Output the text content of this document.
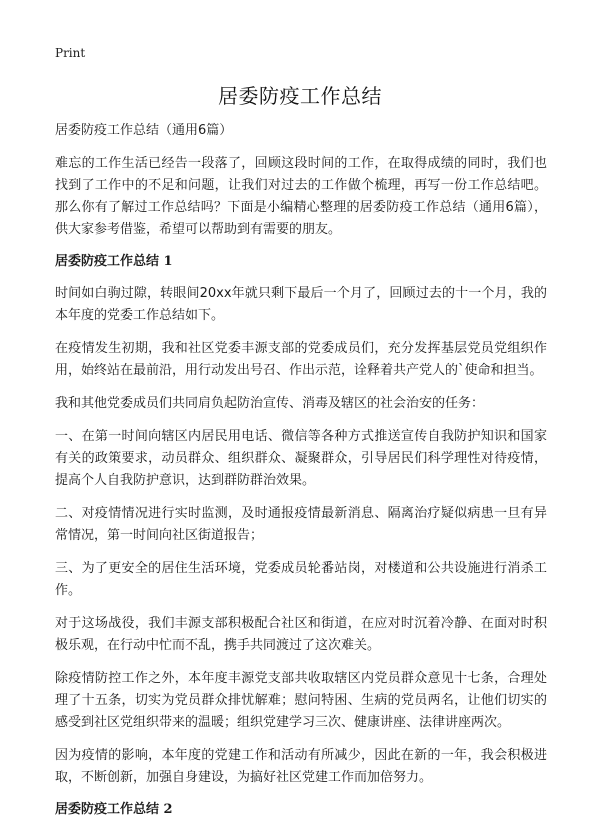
Print
居委防疫工作总结
居委防疫工作总结（通用6篇）

难忘的工作生活已经告一段落了，回顾这段时间的工作，在取得成绩的同时，我们也找到了工作中的不足和问题，让我们对过去的工作做个梳理，再写一份工作总结吧。那么你有了解过工作总结吗？下面是小编精心整理的居委防疫工作总结（通用6篇），供大家参考借鉴，希望可以帮助到有需要的朋友。

居委防疫工作总结 1

时间如白驹过隙，转眼间20xx年就只剩下最后一个月了，回顾过去的十一个月，我的本年度的党委工作总结如下。

在疫情发生初期，我和社区党委丰源支部的党委成员们，充分发挥基层党员党组织作用，始终站在最前沿，用行动发出号召、作出示范，诠释着共产党人的`使命和担当。

我和其他党委成员们共同肩负起防治宣传、消毒及辖区的社会治安的任务：

一、在第一时间向辖区内居民用电话、微信等各种方式推送宣传自我防护知识和国家有关的政策要求，动员群众、组织群众、凝聚群众，引导居民们科学理性对待疫情，提高个人自我防护意识，达到群防群治效果。

二、对疫情情况进行实时监测，及时通报疫情最新消息、隔离治疗疑似病患一旦有异常情况，第一时间向社区街道报告；

三、为了更安全的居住生活环境，党委成员轮番站岗，对楼道和公共设施进行消杀工作。

对于这场战役，我们丰源支部积极配合社区和街道，在应对时沉着冷静、在面对时积极乐观，在行动中忙而不乱，携手共同渡过了这次难关。

除疫情防控工作之外，本年度丰源党支部共收取辖区内党员群众意见十七条，合理处理了十五条，切实为党员群众排忧解难；慰问特困、生病的党员两名，让他们切实的感受到社区党组织带来的温暖；组织党建学习三次、健康讲座、法律讲座两次。

因为疫情的影响，本年度的党建工作和活动有所减少，因此在新的一年，我会积极进取，不断创新，加强自身建设，为搞好社区党建工作而加倍努力。

居委防疫工作总结 2
